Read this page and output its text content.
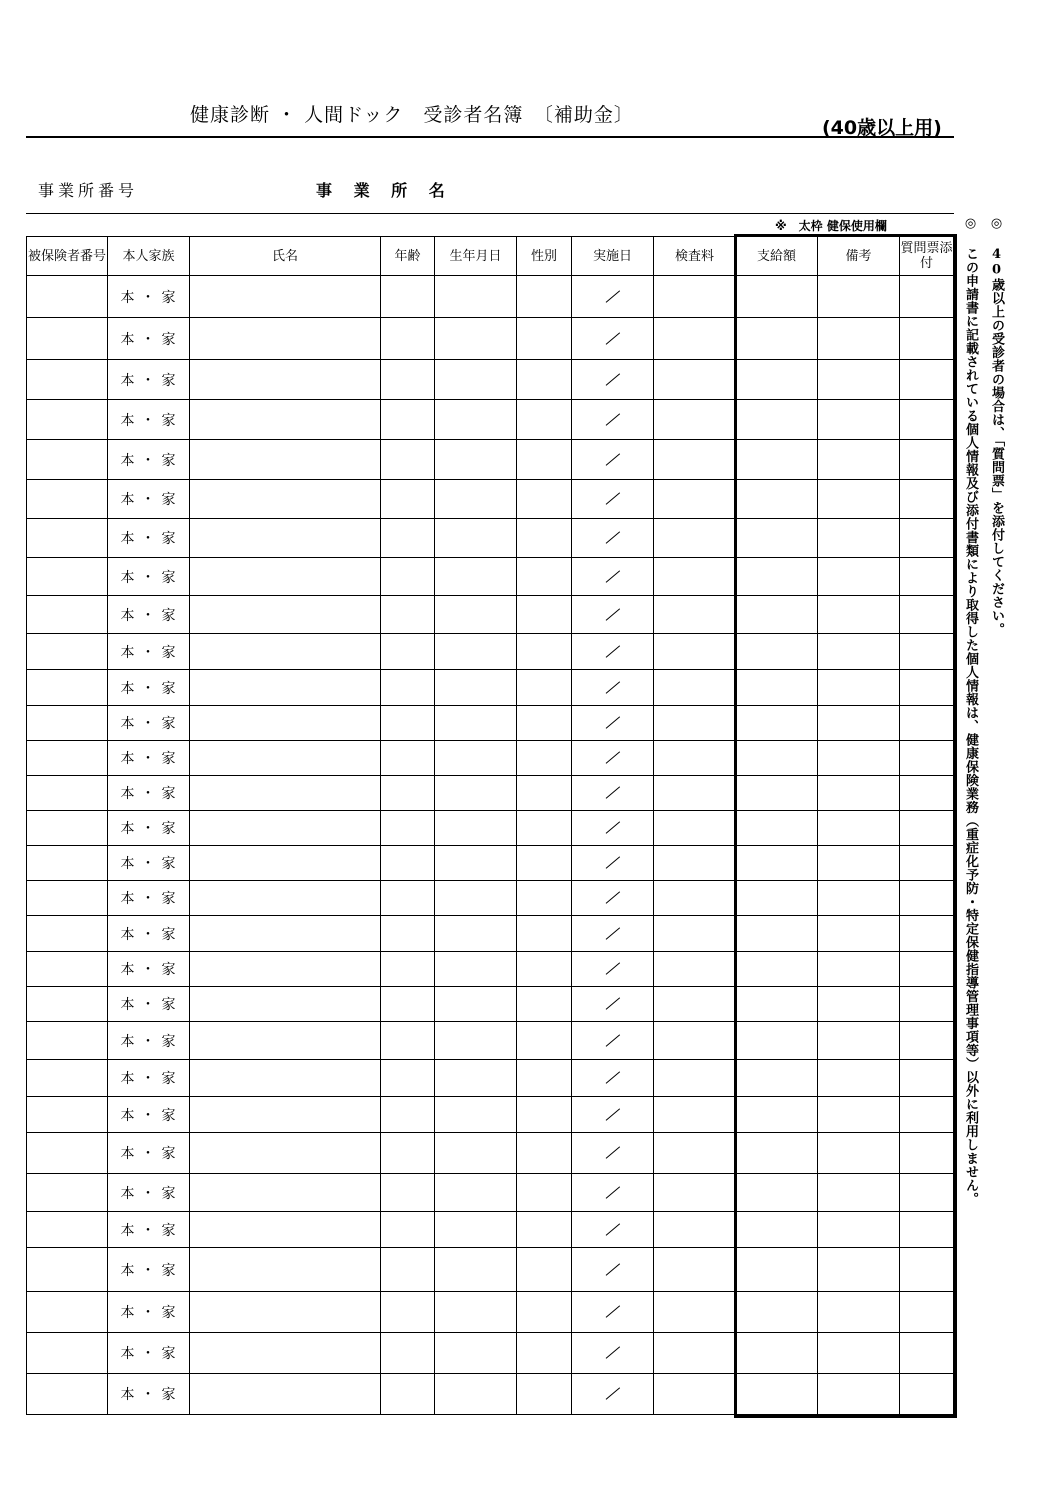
健康診断 ・ 人間ドック　受診者名簿　〔補助金〕
(40歳以上用)
事業所番号	事 業 所 名
※　太枠 健保使用欄
被保険者番号	本人家族	氏名	年齢	生年月日	性別	実施日	検査料	支給額	備考	質問票添付
	本 ・ 家									
	本 ・ 家									
	本 ・ 家									
	本 ・ 家									
	本 ・ 家									
	本 ・ 家									
	本 ・ 家									
	本 ・ 家									
	本 ・ 家									
	本 ・ 家									
	本 ・ 家									
	本 ・ 家									
	本 ・ 家									
	本 ・ 家									
	本 ・ 家									
	本 ・ 家									
	本 ・ 家									
	本 ・ 家									
	本 ・ 家									
	本 ・ 家									
	本 ・ 家									
	本 ・ 家									
	本 ・ 家									
	本 ・ 家									
	本 ・ 家									
	本 ・ 家									
	本 ・ 家									
	本 ・ 家									
	本 ・ 家									
	本 ・ 家									
◎ この申請書に記載されている個人情報及び添付書類により取得した個人情報は、健康保険業務（重症化予防・特定保健指導管理事項等）以外に利用しません。 ◎ 40歳以上の受診者の場合は、「質問票」を添付してください。
